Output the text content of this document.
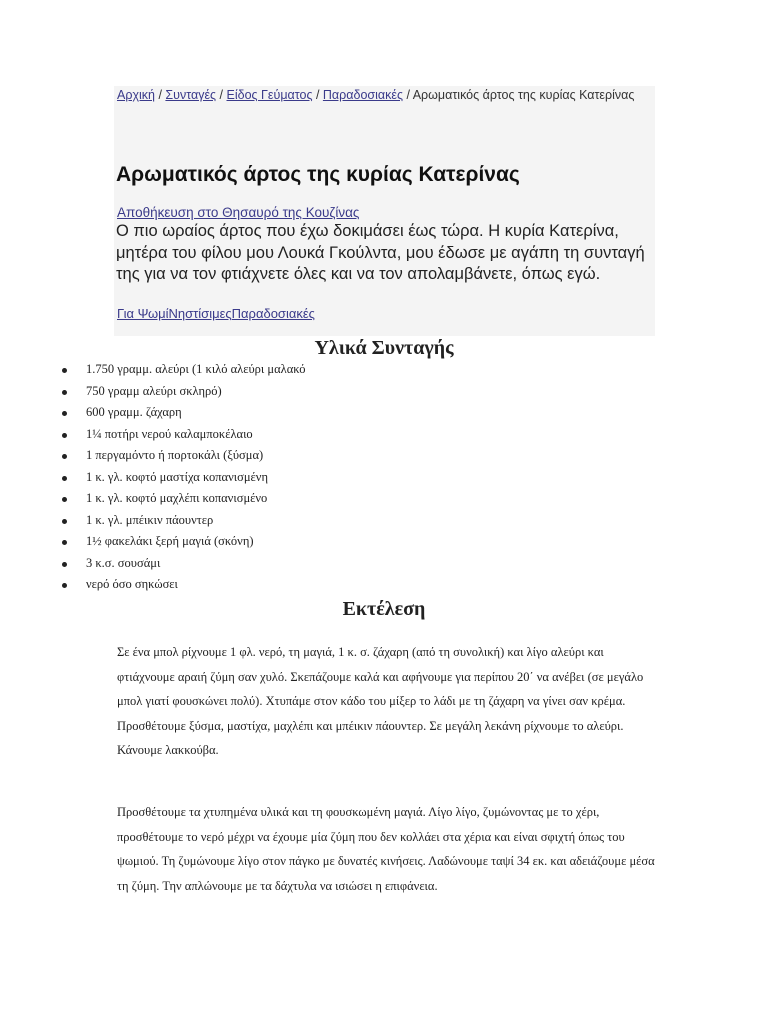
Αρχική / Συνταγές / Είδος Γεύματος / Παραδοσιακές / Αρωματικός άρτος της κυρίας Κατερίνας
Αρωματικός άρτος της κυρίας Κατερίνας
Αποθήκευση στο Θησαυρό της Κουζίνας

Ο πιο ωραίος άρτος που έχω δοκιμάσει έως τώρα. Η κυρία Κατερίνα, μητέρα του φίλου μου Λουκά Γκούλντα, μου έδωσε με αγάπη τη συνταγή της για να τον φτιάχνετε όλες και να τον απολαμβάνετε, όπως εγώ.

Για ΨωμίΝηστίσιμεςΠαραδοσιακές
Υλικά Συνταγής
1.750 γραμμ. αλεύρι (1 κιλό αλεύρι μαλακό
750 γραμμ αλεύρι σκληρό)
600 γραμμ. ζάχαρη
1¼ ποτήρι νερού καλαμποκέλαιο
1 περγαμόντο ή πορτοκάλι (ξύσμα)
1 κ. γλ. κοφτό μαστίχα κοπανισμένη
1 κ. γλ. κοφτό μαχλέπι κοπανισμένο
1 κ. γλ. μπέικιν πάουντερ
1½ φακελάκι ξερή μαγιά (σκόνη)
3 κ.σ. σουσάμι
νερό όσο σηκώσει
Εκτέλεση

Σε ένα μπολ ρίχνουμε 1 φλ. νερό, τη μαγιά, 1 κ. σ. ζάχαρη (από τη συνολική) και λίγο αλεύρι και φτιάχνουμε αραιή ζύμη σαν χυλό. Σκεπάζουμε καλά και αφήνουμε για περίπου 20΄ να ανέβει (σε μεγάλο μπολ γιατί φουσκώνει πολύ). Χτυπάμε στον κάδο του μίξερ το λάδι με τη ζάχαρη να γίνει σαν κρέμα. Προσθέτουμε ξύσμα, μαστίχα, μαχλέπι και μπέικιν πάουντερ. Σε μεγάλη λεκάνη ρίχνουμε το αλεύρι. Κάνουμε λακκούβα.

Προσθέτουμε τα χτυπημένα υλικά και τη φουσκωμένη μαγιά. Λίγο λίγο, ζυμώνοντας με το χέρι, προσθέτουμε το νερό μέχρι να έχουμε μία ζύμη που δεν κολλάει στα χέρια και είναι σφιχτή όπως του ψωμιού. Τη ζυμώνουμε λίγο στον πάγκο με δυνατές κινήσεις. Λαδώνουμε ταψί 34 εκ. και αδειάζουμε μέσα τη ζύμη. Την απλώνουμε με τα δάχτυλα να ισιώσει η επιφάνεια.
